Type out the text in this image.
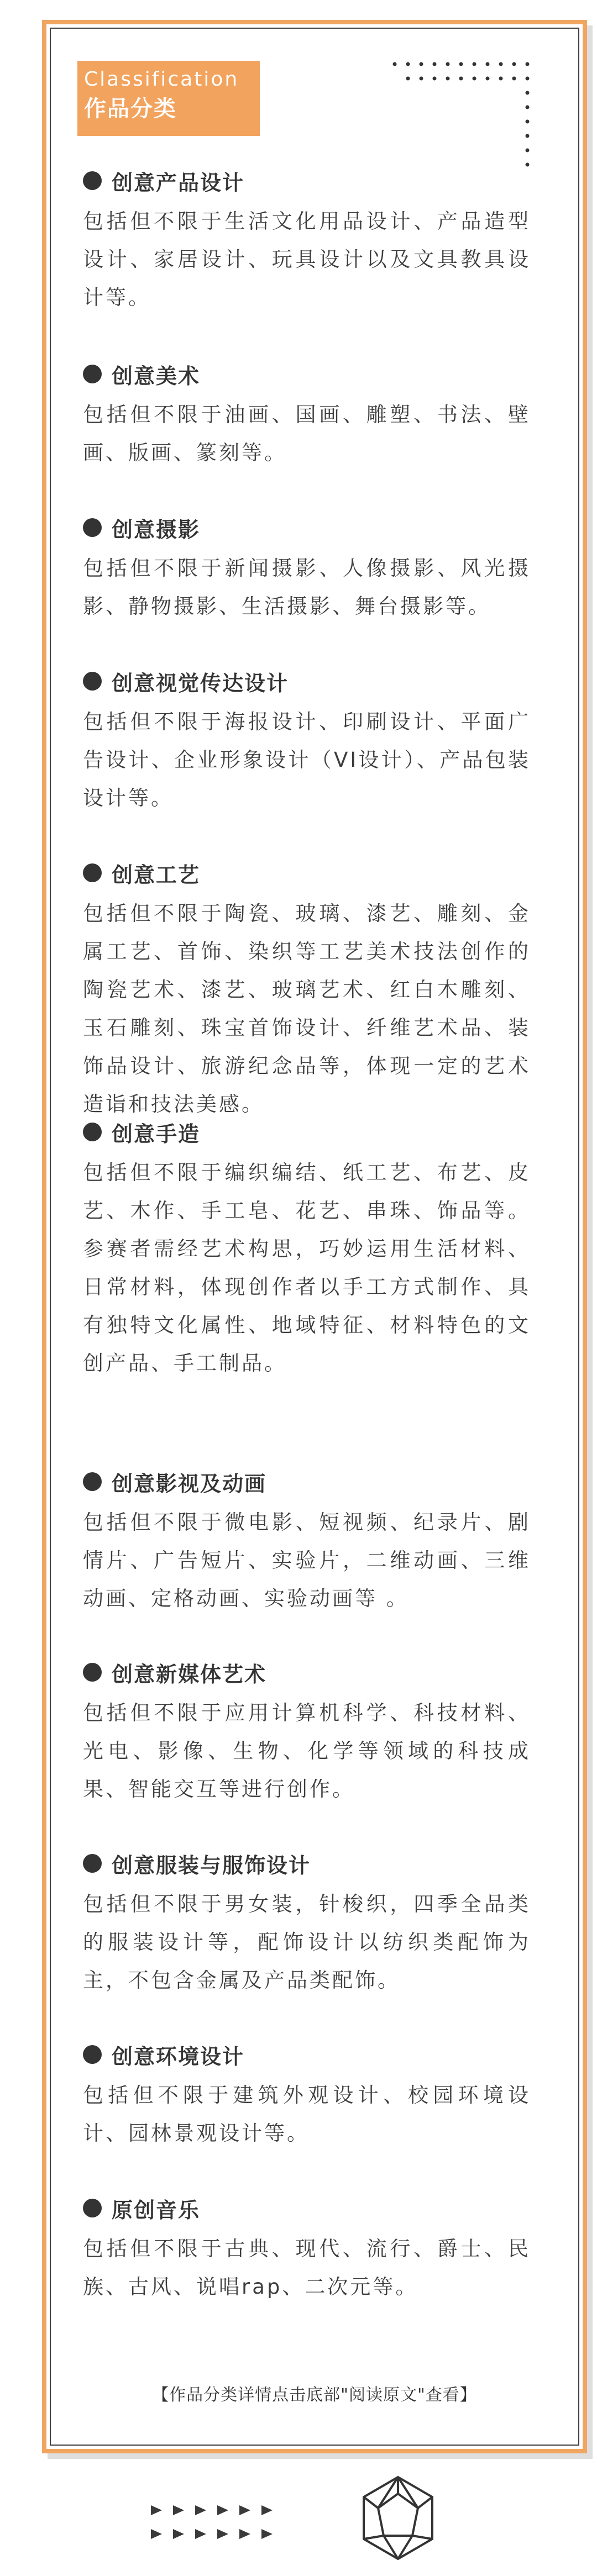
Classification
作品分类
创意产品设计
包括但不限于生活文化用品设计、产品造型设计、家居设计、玩具设计以及文具教具设计等。
创意美术
包括但不限于油画、国画、雕塑、书法、壁画、版画、篆刻等。
创意摄影
包括但不限于新闻摄影、人像摄影、风光摄影、静物摄影、生活摄影、舞台摄影等。
创意视觉传达设计
包括但不限于海报设计、印刷设计、平面广告设计、企业形象设计（VI设计）、产品包装设计等。
创意工艺
包括但不限于陶瓷、玻璃、漆艺、雕刻、金属工艺、首饰、染织等工艺美术技法创作的陶瓷艺术、漆艺、玻璃艺术、红白木雕刻、玉石雕刻、珠宝首饰设计、纤维艺术品、装饰品设计、旅游纪念品等，体现一定的艺术造诣和技法美感。
创意手造
包括但不限于编织编结、纸工艺、布艺、皮艺、木作、手工皂、花艺、串珠、饰品等。参赛者需经艺术构思，巧妙运用生活材料、日常材料，体现创作者以手工方式制作、具有独特文化属性、地域特征、材料特色的文创产品、手工制品。
创意影视及动画
包括但不限于微电影、短视频、纪录片、剧情片、广告短片、实验片，二维动画、三维动画、定格动画、实验动画等 。
创意新媒体艺术
包括但不限于应用计算机科学、科技材料、光电、影像、生物、化学等领域的科技成果、智能交互等进行创作。
创意服装与服饰设计
包括但不限于男女装，针梭织，四季全品类的服装设计等，配饰设计以纺织类配饰为主，不包含金属及产品类配饰。
创意环境设计
包括但不限于建筑外观设计、校园环境设计、园林景观设计等。
原创音乐
包括但不限于古典、现代、流行、爵士、民族、古风、说唱rap、二次元等。
【作品分类详情点击底部"阅读原文"查看】
